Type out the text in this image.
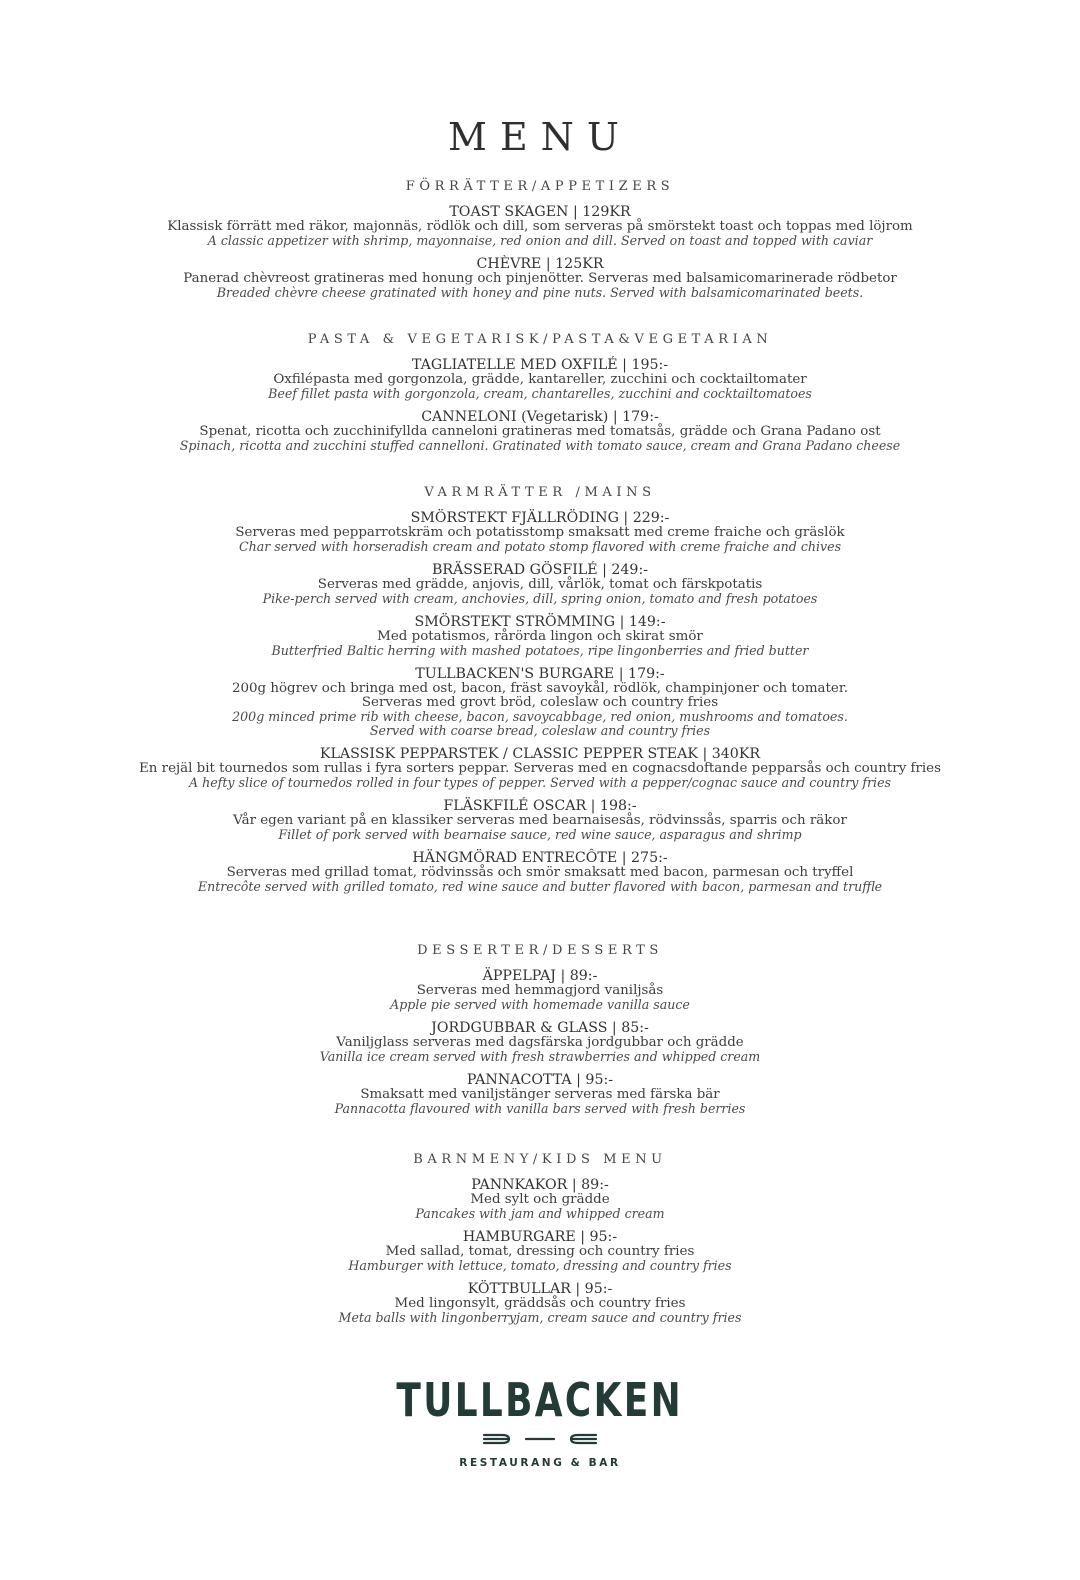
MENU
FÖRRÄTTER/APPETIZERS
TOAST SKAGEN | 129KR
Klassisk förrätt med räkor, majonnäs, rödlök och dill, som serveras på smörstekt toast och toppas med löjrom
A classic appetizer with shrimp, mayonnaise, red onion and dill. Served on toast and topped with caviar
CHÈVRE | 125KR
Panerad chèvreost gratineras med honung och pinjenötter. Serveras med balsamicomarinerade rödbetor
Breaded chèvre cheese gratinated with honey and pine nuts. Served with balsamicomarinated beets.
PASTA & VEGETARISK/PASTA&VEGETARIAN
TAGLIATELLE MED OXFILÉ | 195:-
Oxfilépasta med gorgonzola, grädde, kantareller, zucchini och cocktailtomater
Beef fillet pasta with gorgonzola, cream, chantarelles, zucchini and cocktailtomatoes
CANNELONI (Vegetarisk) | 179:-
Spenat, ricotta och zucchinifyllda canneloni gratineras med tomatsås, grädde och Grana Padano ost
Spinach, ricotta and zucchini stuffed cannelloni. Gratinated with tomato sauce, cream and Grana Padano cheese
VARMRÄTTER /MAINS
SMÖRSTEKT FJÄLLRÖDING | 229:-
Serveras med pepparrotskräm och potatisstomp smaksatt med creme fraiche och gräslök
Char served with horseradish cream and potato stomp flavored with creme fraiche and chives
BRÄSSERAD GÖSFILÉ | 249:-
Serveras med grädde, anjovis, dill, vårlök, tomat och färskpotatis
Pike-perch served with cream, anchovies, dill, spring onion, tomato and fresh potatoes
SMÖRSTEKT STRÖMMING | 149:-
Med potatismos, rårörda lingon och skirat smör
Butterfried Baltic herring with mashed potatoes, ripe lingonberries and fried butter
TULLBACKEN'S BURGARE | 179:-
200g högrev och bringa med ost, bacon, fräst savoykål, rödlök, champinjoner och tomater.
Serveras med grovt bröd, coleslaw och country fries
200g minced prime rib with cheese, bacon, savoycabbage, red onion, mushrooms and tomatoes.
Served with coarse bread, coleslaw and country fries
KLASSISK PEPPARSTEK / CLASSIC PEPPER STEAK | 340KR
En rejäl bit tournedos som rullas i fyra sorters peppar. Serveras med en cognacsdoftande pepparsås och country fries
A hefty slice of tournedos rolled in four types of pepper. Served with a pepper/cognac sauce and country fries
FLÄSKFILÉ OSCAR | 198:-
Vår egen variant på en klassiker serveras med bearnaisesås, rödvinssås, sparris och räkor
Fillet of pork served with bearnaise sauce, red wine sauce, asparagus and shrimp
HÄNGMÖRAD ENTRECÔTE | 275:-
Serveras med grillad tomat, rödvinssås och smör smaksatt med bacon, parmesan och tryffel
Entrecôte served with grilled tomato, red wine sauce and butter flavored with bacon, parmesan and truffle
DESSERTER/DESSERTS
ÄPPELPAJ | 89:-
Serveras med hemmagjord vaniljsås
Apple pie served with homemade vanilla sauce
JORDGUBBAR & GLASS | 85:-
Vaniljglass serveras med dagsfärska jordgubbar och grädde
Vanilla ice cream served with fresh strawberries and whipped cream
PANNACOTTA | 95:-
Smaksatt med vaniljstänger serveras med färska bär
Pannacotta flavoured with vanilla bars served with fresh berries
BARNMENY/KIDS MENU
PANNKAKOR | 89:-
Med sylt och grädde
Pancakes with jam and whipped cream
HAMBURGARE | 95:-
Med sallad, tomat, dressing och country fries
Hamburger with lettuce, tomato, dressing and country fries
KÖTTBULLAR | 95:-
Med lingonsylt, gräddsås och country fries
Meta balls with lingonberryjam, cream sauce and country fries
TULLBACKEN
RESTAURANG & BAR
